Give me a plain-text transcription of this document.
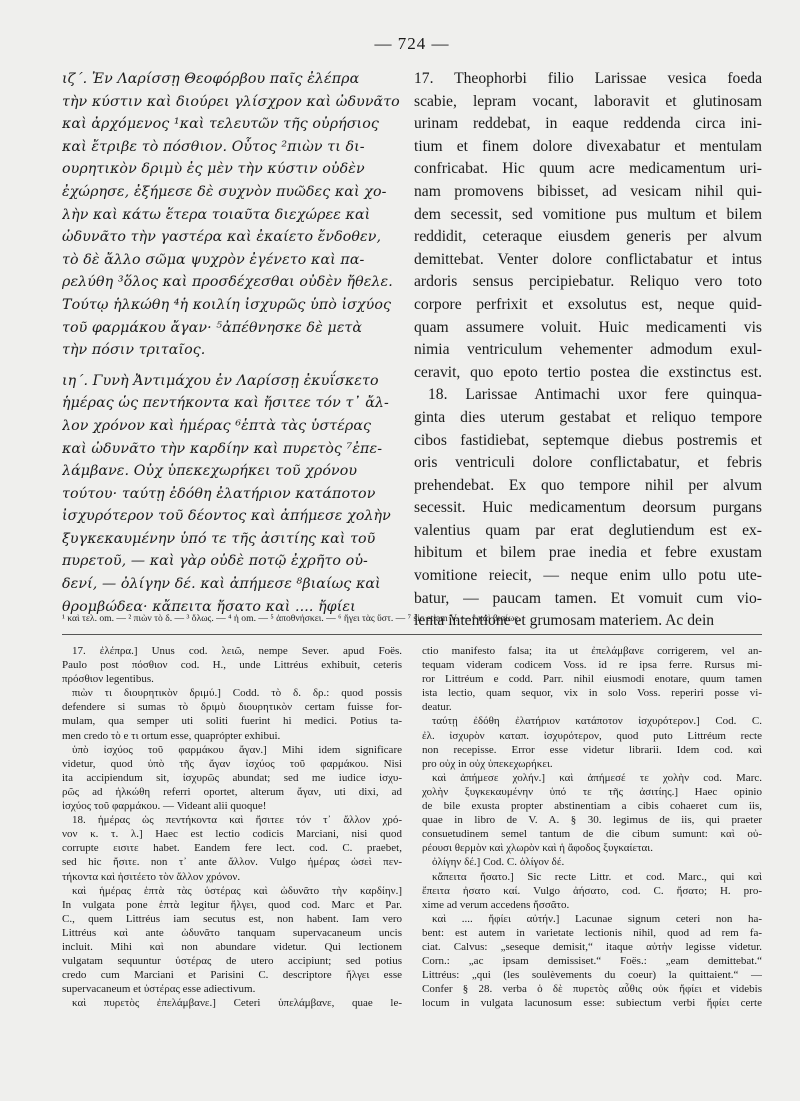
— 724 —
ιζ΄. Ἐν Λαρίσσῃ Θεοφόρβου παῖς ἐλέπρα
τὴν κύστιν καὶ διούρει γλίσχρον καὶ ὠδυνᾶτο
καὶ ἀρχόμενος ¹καὶ τελευτῶν τῆς οὐρήσιος
καὶ ἔτριβε τὸ πόσθιον. Οὗτος ²πιὼν τι δι-
ουρητικὸν δριμὺ ἐς μὲν τὴν κύστιν οὐδὲν
ἐχώρησε, ἐξήμεσε δὲ συχνὸν πυῶδες καὶ χο-
λὴν καὶ κάτω ἕτερα τοιαῦτα διεχώρεε καὶ
ὠδυνᾶτο τὴν γαστέρα καὶ ἐκαίετο ἔνδοθεν,
τὸ δὲ ἄλλο σῶμα ψυχρὸν ἐγένετο καὶ πα-
ρελύθη ³ὅλος καὶ προσδέχεσθαι οὐδὲν ἤθελε.
Τούτῳ ἡλκώθη ⁴ἡ κοιλίη ἰσχυρῶς ὑπὸ ἰσχύος
τοῦ φαρμάκου ἄγαν· ⁵ἀπέθνησκε δὲ μετὰ
τὴν πόσιν τριταῖος.
ιη΄. Γυνὴ Ἀντιμάχου ἐν Λαρίσσῃ ἐκυΐσκετο
ἡμέρας ὡς πεντήκοντα καὶ ἤσιτεε τόν τ᾽ ἄλ-
λον χρόνον καὶ ἡμέρας ⁶ἑπτὰ τὰς ὑστέρας
καὶ ὠδυνᾶτο τὴν καρδίην καὶ πυρετὸς ⁷ἐπε-
λάμβανε. Οὐχ ὑπεκεχωρήκει τοῦ χρόνου
τούτου· ταύτῃ ἐδόθη ἐλατήριον κατάποτον
ἰσχυρότερον τοῦ δέοντος καὶ ἀπήμεσε χολὴν
ξυγκεκαυμένην ὑπό τε τῆς ἀσιτίης καὶ τοῦ
πυρετοῦ, — καὶ γὰρ οὐδὲ ποτῷ ἐχρῆτο οὐ-
δενί, — ὀλίγην δέ. καὶ ἀπήμεσε ⁸βιαίως καὶ
θρομβώδεα· κἄπειτα ἤσατο καὶ .... ἤφίει
17. Theophorbi filio Larissae vesica foeda
scabie, lepram vocant, laboravit et glutinosam
urinam reddebat, in eaque reddenda circa ini-
tium et finem dolore divexabatur et mentulam
confricabat. Hic quum acre medicamentum uri-
nam promovens bibisset, ad vesicam nihil qui-
dem secessit, sed vomitione pus multum et bilem
reddidit, ceteraque eiusdem generis per alvum
demittebat. Venter dolore conflictabatur et intus
ardoris sensus percipiebatur. Reliquo vero toto
corpore perfrixit et exsolutus est, neque quid-
quam assumere voluit. Huic medicamenti vis
nimia ventriculum vehementer admodum exul-
ceravit, quo epoto tertio postea die exstinctus est.
18. Larissae Antimachi uxor fere quinqua-
ginta dies uterum gestabat et reliquo tempore
cibos fastidiebat, septemque diebus postremis et
oris ventriculi dolore conflictabatur, et febris
prehendebat. Ex quo tempore nihil per alvum
secessit. Huic medicamentum deorsum purgans
valentius quam par erat deglutiendum est ex-
hibitum et bilem prae inedia et febre exustam
vomitione reiecit, — neque enim ullo potu ute-
batur, — paucam tamen. Et vomuit cum vio-
lenta intentione et grumosam materiem. Ac dein
¹ καὶ τελ. om. — ² πιὼν τὸ δ. — ³ ὅλως. — ⁴ ἡ om. — ⁵ ἀποθνήσκει. — ⁶ ἤγει τὰς ὕστ. — ⁷ sic etiam V. — ⁸ καὶ βιαίως.
17. ἐλέπρα.] Unus cod. λειῶ, nempe Sever. apud Foës.
Paulo post πόσθιον cod. H., unde Littréus exhibuit, ceteris
πρόσθιον legentibus.
πιὼν τι διουρητικὸν δριμύ.] Codd. τὸ δ. δρ.: quod possis
defendere si sumas τὸ δριμὺ διουρητικὸν certam fuisse for-
mulam, qua semper uti soliti fuerint hi medici. Potius ta-
men credo τὸ e τι ortum esse, quaprópter exhibui.
ὑπὸ ἰσχύος τοῦ φαρμάκου ἄγαν.] Mihi idem significare
videtur, quod ὑπὸ τῆς ἄγαν ἰσχύος τοῦ φαρμάκου. Nisi
ita accipiendum sit, ἰσχυρῶς abundat; sed me iudice ἰσχυ-
ρῶς ad ἡλκώθη referri oportet, alterum ἄγαν, uti dixi, ad
ἰσχύος τοῦ φαρμάκου. — Videant alii quoque!
18. ἡμέρας ὡς πεντήκοντα καὶ ἤσιτεε τόν τ᾽ ἄλλον χρό-
νον κ. τ. λ.] Haec est lectio codicis Marciani, nisi quod
corrupte εισιτε habet. Eandem fere lect. cod. C. praebet,
sed hic ἤσιτε. non τ᾽ ante ἄλλον. Vulgo ἡμέρας ὡσεὶ πεν-
τήκοντα καὶ ἠσιτέετο τὸν ἄλλον χρόνον.
καὶ ἡμέρας ἑπτὰ τὰς ὑστέρας καὶ ὠδυνᾶτο τὴν καρδίην.]
In vulgata pone ἑπτὰ legitur ἤλγει, quod cod. Marc et Par.
C., quem Littréus iam secutus est, non habent. Iam vero
Littréus καὶ ante ὠδυνᾶτο tanquam supervacaneum uncis
incluit. Mihi καὶ non abundare videtur. Qui lectionem
vulgatam sequuntur ὑστέρας de utero accipiunt; sed potius
credo cum Marciani et Parisini C. descriptore ἤλγει esse
supervacaneum et ὑστέρας esse adiectivum.
καὶ πυρετὸς ἐπελάμβανε.] Ceteri ὑπελάμβανε, quae le-
ctio manifesto falsa; ita ut ἐπελάμβανε corrigerem, vel an-
tequam videram codicem Voss. id re ipsa ferre. Rursus mi-
ror Littréum e codd. Parr. nihil eiusmodi enotare, quum tamen
ista lectio, quam sequor, vix in solo Voss. reperiri posse vi-
deatur.
ταύτῃ ἐδόθη ἐλατήριον κατάποτον ἰσχυρότερον.] Cod. C.
ἐλ. ἰσχυρὸν καταπ. ἰσχυρότερον, quod puto Littréum recte
non recepisse. Error esse videtur librarii. Idem cod. καὶ
pro οὐχ in οὐχ ὑπεκεχωρήκει.
καὶ ἀπήμεσε χολήν.] καὶ ἀπήμεσέ τε χολὴν cod. Marc.
χολὴν ξυγκεκαυμένην ὑπό τε τῆς ἀσιτίης.] Haec opinio
de bile exusta propter abstinentiam a cibis cohaeret cum iis,
quae in libro de V. A. § 30. legimus de iis, qui praeter
consuetudinem semel tantum de die cibum sumunt: καὶ οὐ-
ρέουσι θερμὸν καὶ χλωρὸν καὶ ἡ ἄφοδος ξυγκαίεται.
ὀλίγην δέ.] Cod. C. ὀλίγον δέ.
κἄπειτα ἤσατο.] Sic recte Littr. et cod. Marc., qui καὶ
ἔπειτα ἠσατο καί. Vulgo ἀήσατο, cod. C. ἤσατο; H. pro-
xime ad verum accedens ἤσσᾶτο.
καὶ .... ἤφίει αὐτήν.] Lacunae signum ceteri non ha-
bent: est autem in varietate lectionis nihil, quod ad rem fa-
ciat. Calvus: „seseque demisit,“ itaque αὐτὴν legisse videtur.
Corn.: „ac ipsam demissiset.“ Foës.: „eam demittebat.“
Littréus: „qui (les soulèvements du coeur) la quittaient.“ —
Confer § 28. verba ὁ δὲ πυρετὸς αὖθις οὐκ ἤφίει et videbis
locum in vulgata lacunosum esse: subiectum verbi ἤφίει certe
